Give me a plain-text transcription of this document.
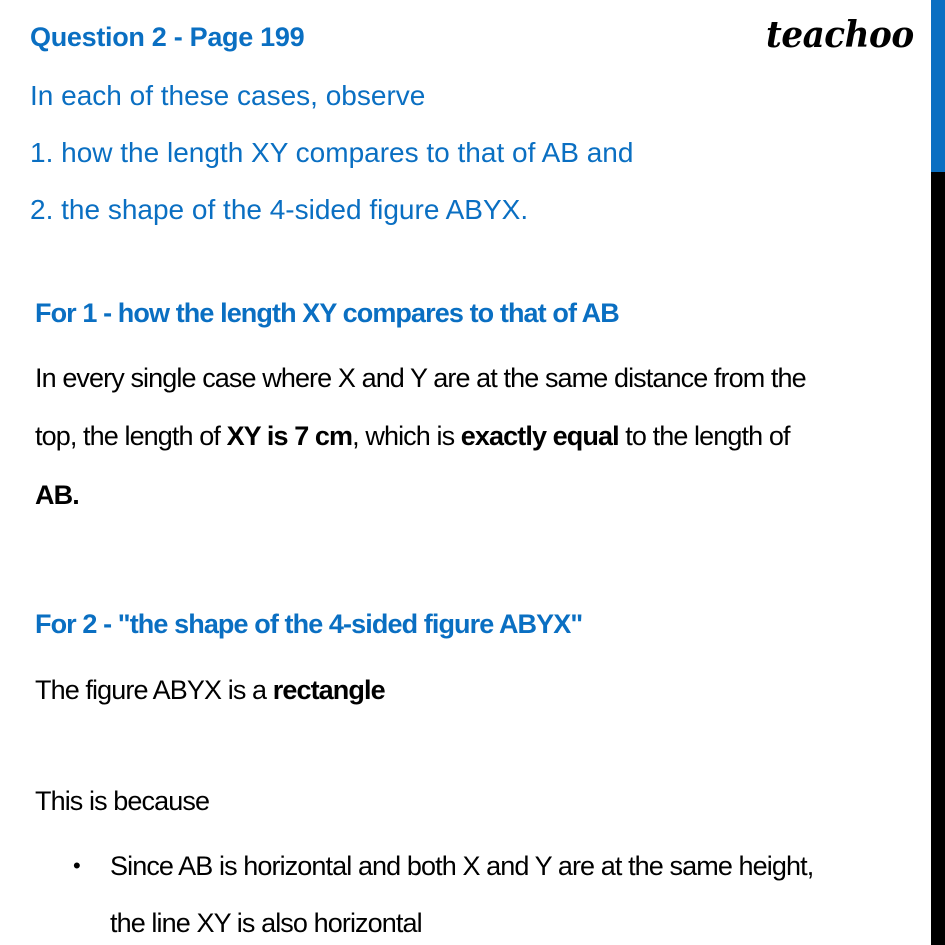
Question 2 - Page 199	teachoo
In each of these cases, observe
1. how the length XY compares to that of AB and
2. the shape of the 4-sided figure ABYX.
For 1 - how the length XY compares to that of AB
In every single case where X and Y are at the same distance from the
top, the length of XY is 7 cm, which is exactly equal to the length of
AB.
For 2 - "the shape of the 4-sided figure ABYX"
The figure ABYX is a rectangle
This is because
• Since AB is horizontal and both X and Y are at the same height,
the line XY is also horizontal
